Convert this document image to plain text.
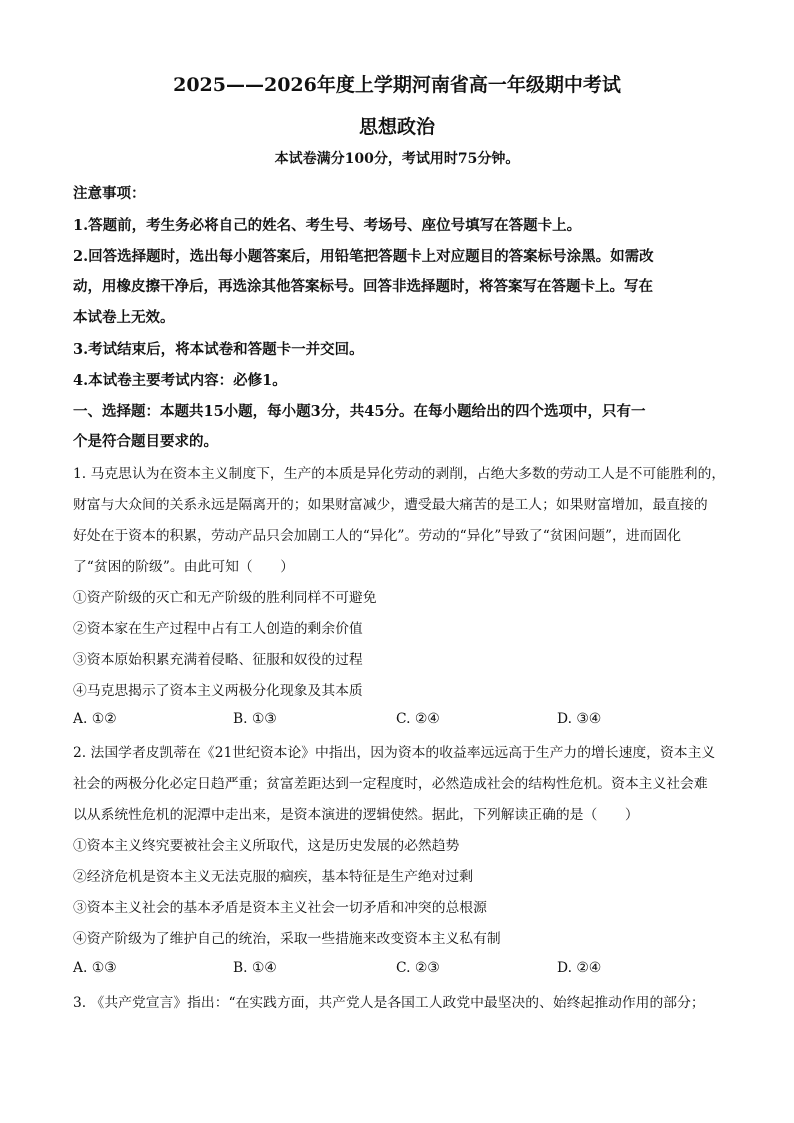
2025——2026年度上学期河南省高一年级期中考试
思想政治
本试卷满分100分，考试用时75分钟。
注意事项：
1.答题前，考生务必将自己的姓名、考生号、考场号、座位号填写在答题卡上。
2.回答选择题时，选出每小题答案后，用铅笔把答题卡上对应题目的答案标号涂黑。如需改
动，用橡皮擦干净后，再选涂其他答案标号。回答非选择题时，将答案写在答题卡上。写在
本试卷上无效。
3.考试结束后，将本试卷和答题卡一并交回。
4.本试卷主要考试内容：必修1。
一、选择题：本题共15小题，每小题3分，共45分。在每小题给出的四个选项中，只有一
个是符合题目要求的。
1. 马克思认为在资本主义制度下，生产的本质是异化劳动的剥削，占绝大多数的劳动工人是不可能胜利的，
财富与大众间的关系永远是隔离开的；如果财富减少，遭受最大痛苦的是工人；如果财富增加，最直接的
好处在于资本的积累，劳动产品只会加剧工人的“异化”。劳动的“异化”导致了“贫困问题”，进而固化
了“贫困的阶级”。由此可知（　　）
①资产阶级的灭亡和无产阶级的胜利同样不可避免
②资本家在生产过程中占有工人创造的剩余价值
③资本原始积累充满着侵略、征服和奴役的过程
④马克思揭示了资本主义两极分化现象及其本质
A. ①②	B. ①③	C. ②④	D. ③④
2. 法国学者皮凯蒂在《21世纪资本论》中指出，因为资本的收益率远远高于生产力的增长速度，资本主义
社会的两极分化必定日趋严重；贫富差距达到一定程度时，必然造成社会的结构性危机。资本主义社会难
以从系统性危机的泥潭中走出来，是资本演进的逻辑使然。据此，下列解读正确的是（　　）
①资本主义终究要被社会主义所取代，这是历史发展的必然趋势
②经济危机是资本主义无法克服的痼疾，基本特征是生产绝对过剩
③资本主义社会的基本矛盾是资本主义社会一切矛盾和冲突的总根源
④资产阶级为了维护自己的统治，采取一些措施来改变资本主义私有制
A. ①③	B. ①④	C. ②③	D. ②④
3. 《共产党宣言》指出：“在实践方面，共产党人是各国工人政党中最坚决的、始终起推动作用的部分；
